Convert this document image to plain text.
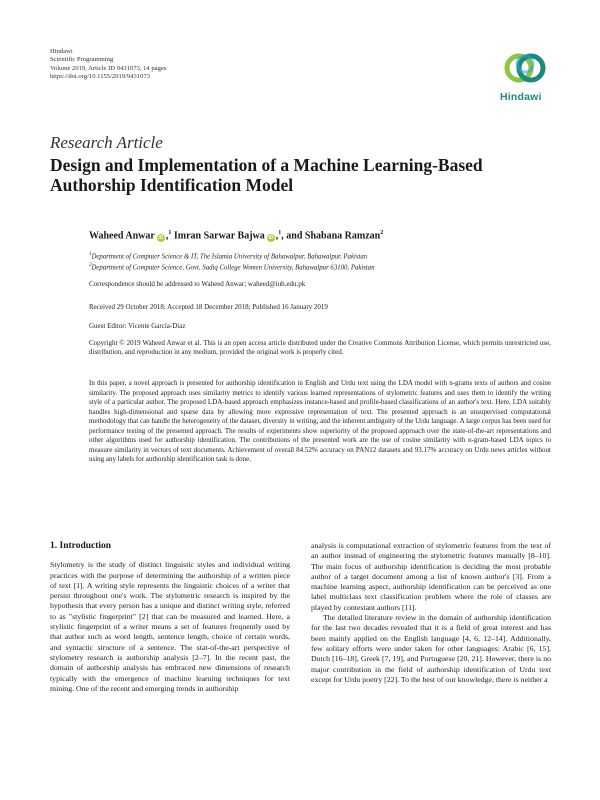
Hindawi
Scientific Programming
Volume 2019, Article ID 9431073, 14 pages
https://doi.org/10.1155/2019/9431073
Hindawi
Research Article
Design and Implementation of a Machine Learning-Based Authorship Identification Model
Waheed Anwar iD ,$^1$ Imran Sarwar Bajwa iD ,$^1$, and Shabana Ramzan$^2$
$^1$Department of Computer Science & IT, The Islamia University of Bahawalpur, Bahawalpur, Pakistan
$^2$Department of Computer Science, Govt. Sadiq College Women University, Bahawalpur 63100, Pakistan
Correspondence should be addressed to Waheed Anwar; waheed@iub.edu.pk
Received 29 October 2018; Accepted 18 December 2018; Published 16 January 2019
Guest Editor: Vicente García-Díaz
Copyright © 2019 Waheed Anwar et al. This is an open access article distributed under the Creative Commons Attribution License, which permits unrestricted use, distribution, and reproduction in any medium, provided the original work is properly cited.
In this paper, a novel approach is presented for authorship identification in English and Urdu text using the LDA model with n-grams texts of authors and cosine similarity. The proposed approach uses similarity metrics to identify various learned representations of stylometric features and uses them to identify the writing style of a particular author. The proposed LDA-based approach emphasizes instance-based and profile-based classifications of an author's text. Here, LDA suitably handles high-dimensional and sparse data by allowing more expressive representation of text. The presented approach is an unsupervised computational methodology that can handle the heterogeneity of the dataset, diversity in writing, and the inherent ambiguity of the Urdu language. A large corpus has been used for performance testing of the presented approach. The results of experiments show superiority of the proposed approach over the state-of-the-art representations and other algorithms used for authorship identification. The contributions of the presented work are the use of cosine similarity with n-gram-based LDA topics to measure similarity in vectors of text documents. Achievement of overall 84.52% accuracy on PAN12 datasets and 93.17% accuracy on Urdu news articles without using any labels for authorship identification task is done.
1. Introduction

Stylometry is the study of distinct linguistic styles and individual writing practices with the purpose of determining the authorship of a written piece of text [1]. A writing style represents the linguistic choices of a writer that persist throughout one's work. The stylometric research is inspired by the hypothesis that every person has a unique and distinct writing style, referred to as "stylistic fingerprint" [2] that can be measured and learned. Here, a stylistic fingerprint of a writer means a set of features frequently used by that author such as word length, sentence length, choice of certain words, and syntactic structure of a sentence. The stat-of-the-art perspective of stylometry research is authorship analysis [2–7]. In the recent past, the domain of authorship analysis has embraced new dimensions of research typically with the emergence of machine learning techniques for text mining. One of the recent and emerging trends in authorship

analysis is computational extraction of stylometric features from the text of an author instead of engineering the stylometric features manually [8–10]. The main focus of authorship identification is deciding the most probable author of a target document among a list of known author's [3]. From a machine learning aspect, authorship identification can be perceived as one label multiclass text classification problem where the role of classes are played by contestant authors [11].

The detailed literature review in the domain of authorship identification for the last two decades revealed that it is a field of great interest and has been mainly applied on the English language [4, 6, 12–14]. Additionally, few solitary efforts were under taken for other languages: Arabic [6, 15], Dutch [16–18], Greek [7, 19], and Portuguese [20, 21]. However, there is no major contribution in the field of authorship identification of Urdu text except for Urdu poetry [22]. To the best of our knowledge, there is neither a
